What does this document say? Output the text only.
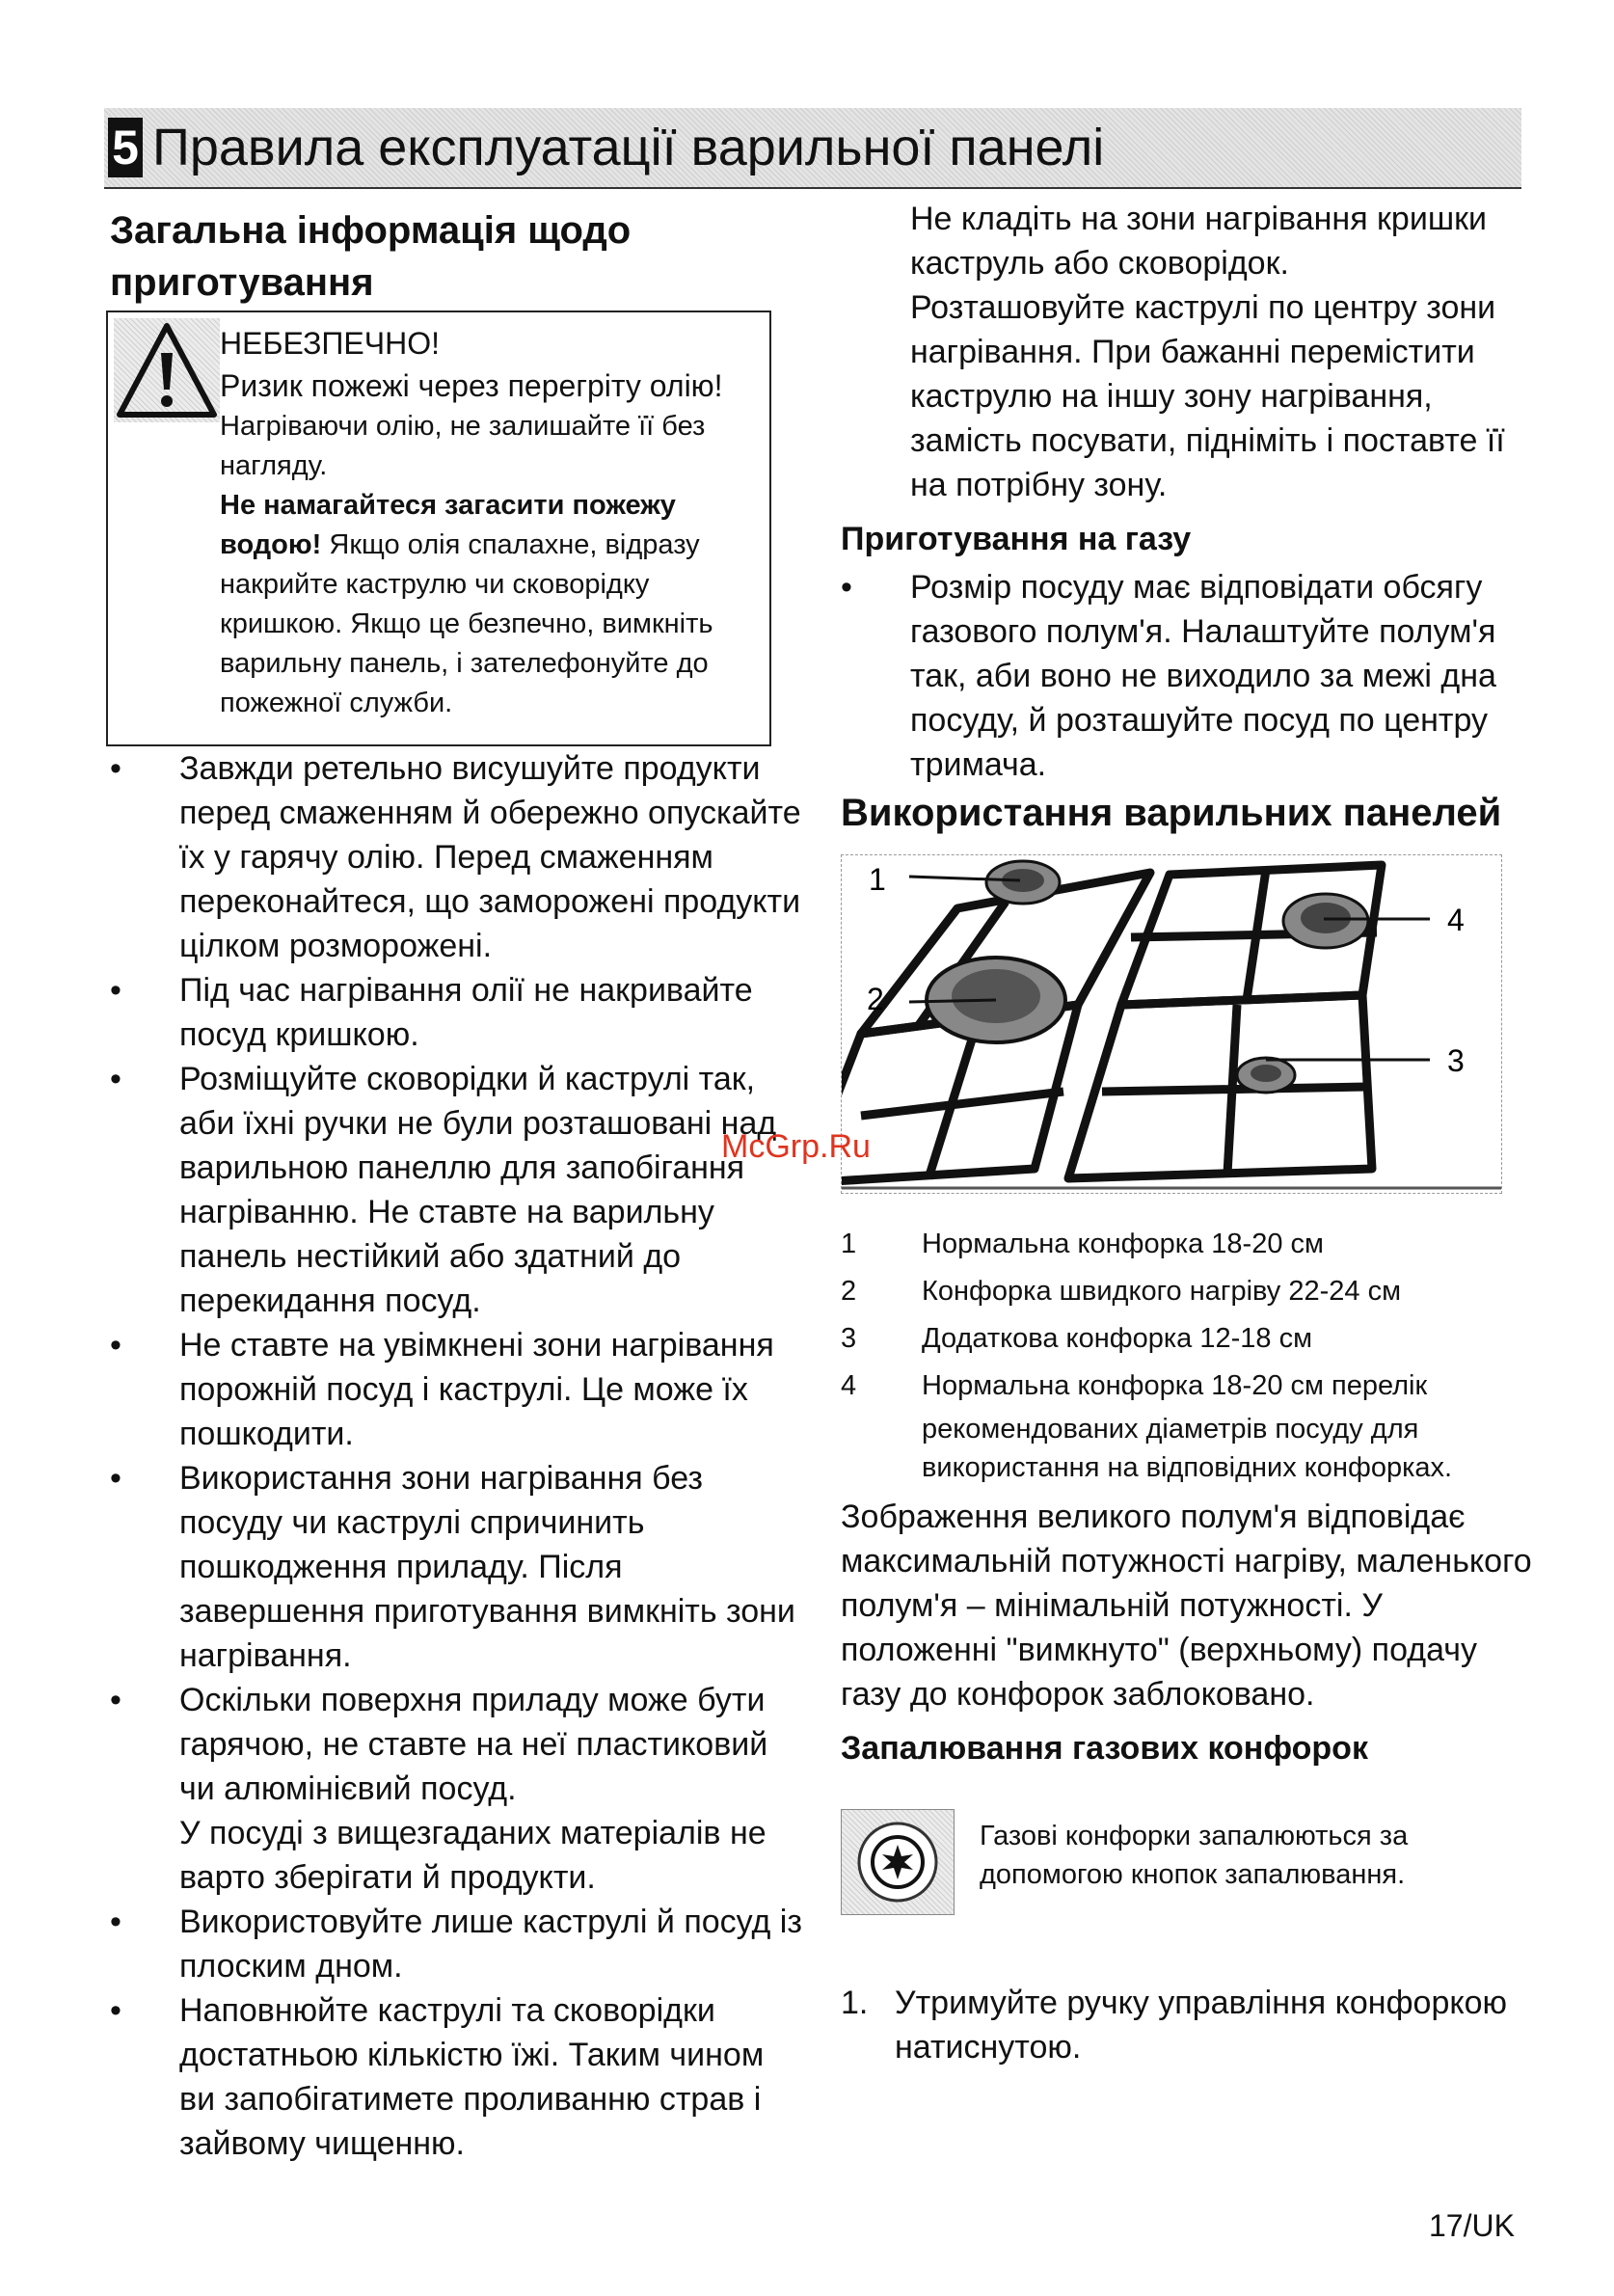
5 Правила експлуатації варильної панелі
Загальна інформація щодо
приготування
НЕБЕЗПЕЧНО!
Ризик пожежі через перегріту олію!
Нагріваючи олію, не залишайте її без
нагляду.
Не намагайтеся загасити пожежу
водою! Якщо олія спалахне, відразу
накрийте каструлю чи сковорідку
кришкою. Якщо це безпечно, вимкніть
варильну панель, і зателефонуйте до
пожежної служби.
• Завжди ретельно висушуйте продукти
перед смаженням й обережно опускайте
їх у гарячу олію. Перед смаженням
переконайтеся, що заморожені продукти
цілком розморожені.
• Під час нагрівання олії не накривайте
посуд кришкою.
• Розміщуйте сковорідки й каструлі так,
аби їхні ручки не були розташовані над
варильною панеллю для запобігання
нагріванню. Не ставте на варильну
панель нестійкий або здатний до
перекидання посуд.
• Не ставте на увімкнені зони нагрівання
порожній посуд і каструлі. Це може їх
пошкодити.
• Використання зони нагрівання без
посуду чи каструлі спричинить
пошкодження приладу. Після
завершення приготування вимкніть зони
нагрівання.
• Оскільки поверхня приладу може бути
гарячою, не ставте на неї пластиковий
чи алюмінієвий посуд.
У посуді з вищезгаданих матеріалів не
варто зберігати й продукти.
• Використовуйте лише каструлі й посуд із
плоским дном.
• Наповнюйте каструлі та сковорідки
достатньою кількістю їжі. Таким чином
ви запобігатимете проливанню страв і
зайвому чищенню.
Не кладіть на зони нагрівання кришки
каструль або сковорідок.
Розташовуйте каструлі по центру зони
нагрівання. При бажанні перемістити
каструлю на іншу зону нагрівання,
замість посувати, підніміть і поставте її
на потрібну зону.
Приготування на газу
• Розмір посуду має відповідати обсягу
газового полум'я. Налаштуйте полум'я
так, аби воно не виходило за межі дна
посуду, й розташуйте посуд по центру
тримача.
Використання варильних панелей
1
2
3
4
McGrp.Ru
1	Нормальна конфорка 18-20 см
2	Конфорка швидкого нагріву 22-24 см
3	Додаткова конфорка 12-18 см
4	Нормальна конфорка 18-20 см перелік
рекомендованих діаметрів посуду для
використання на відповідних конфорках.
Зображення великого полум'я відповідає
максимальній потужності нагріву, маленького
полум'я – мінімальній потужності. У
положенні "вимкнуто" (верхньому) подачу
газу до конфорок заблоковано.
Запалювання газових конфорок
Газові конфорки запалюються за
допомогою кнопок запалювання.
1. Утримуйте ручку управління конфоркою
натиснутою.
17/UK
